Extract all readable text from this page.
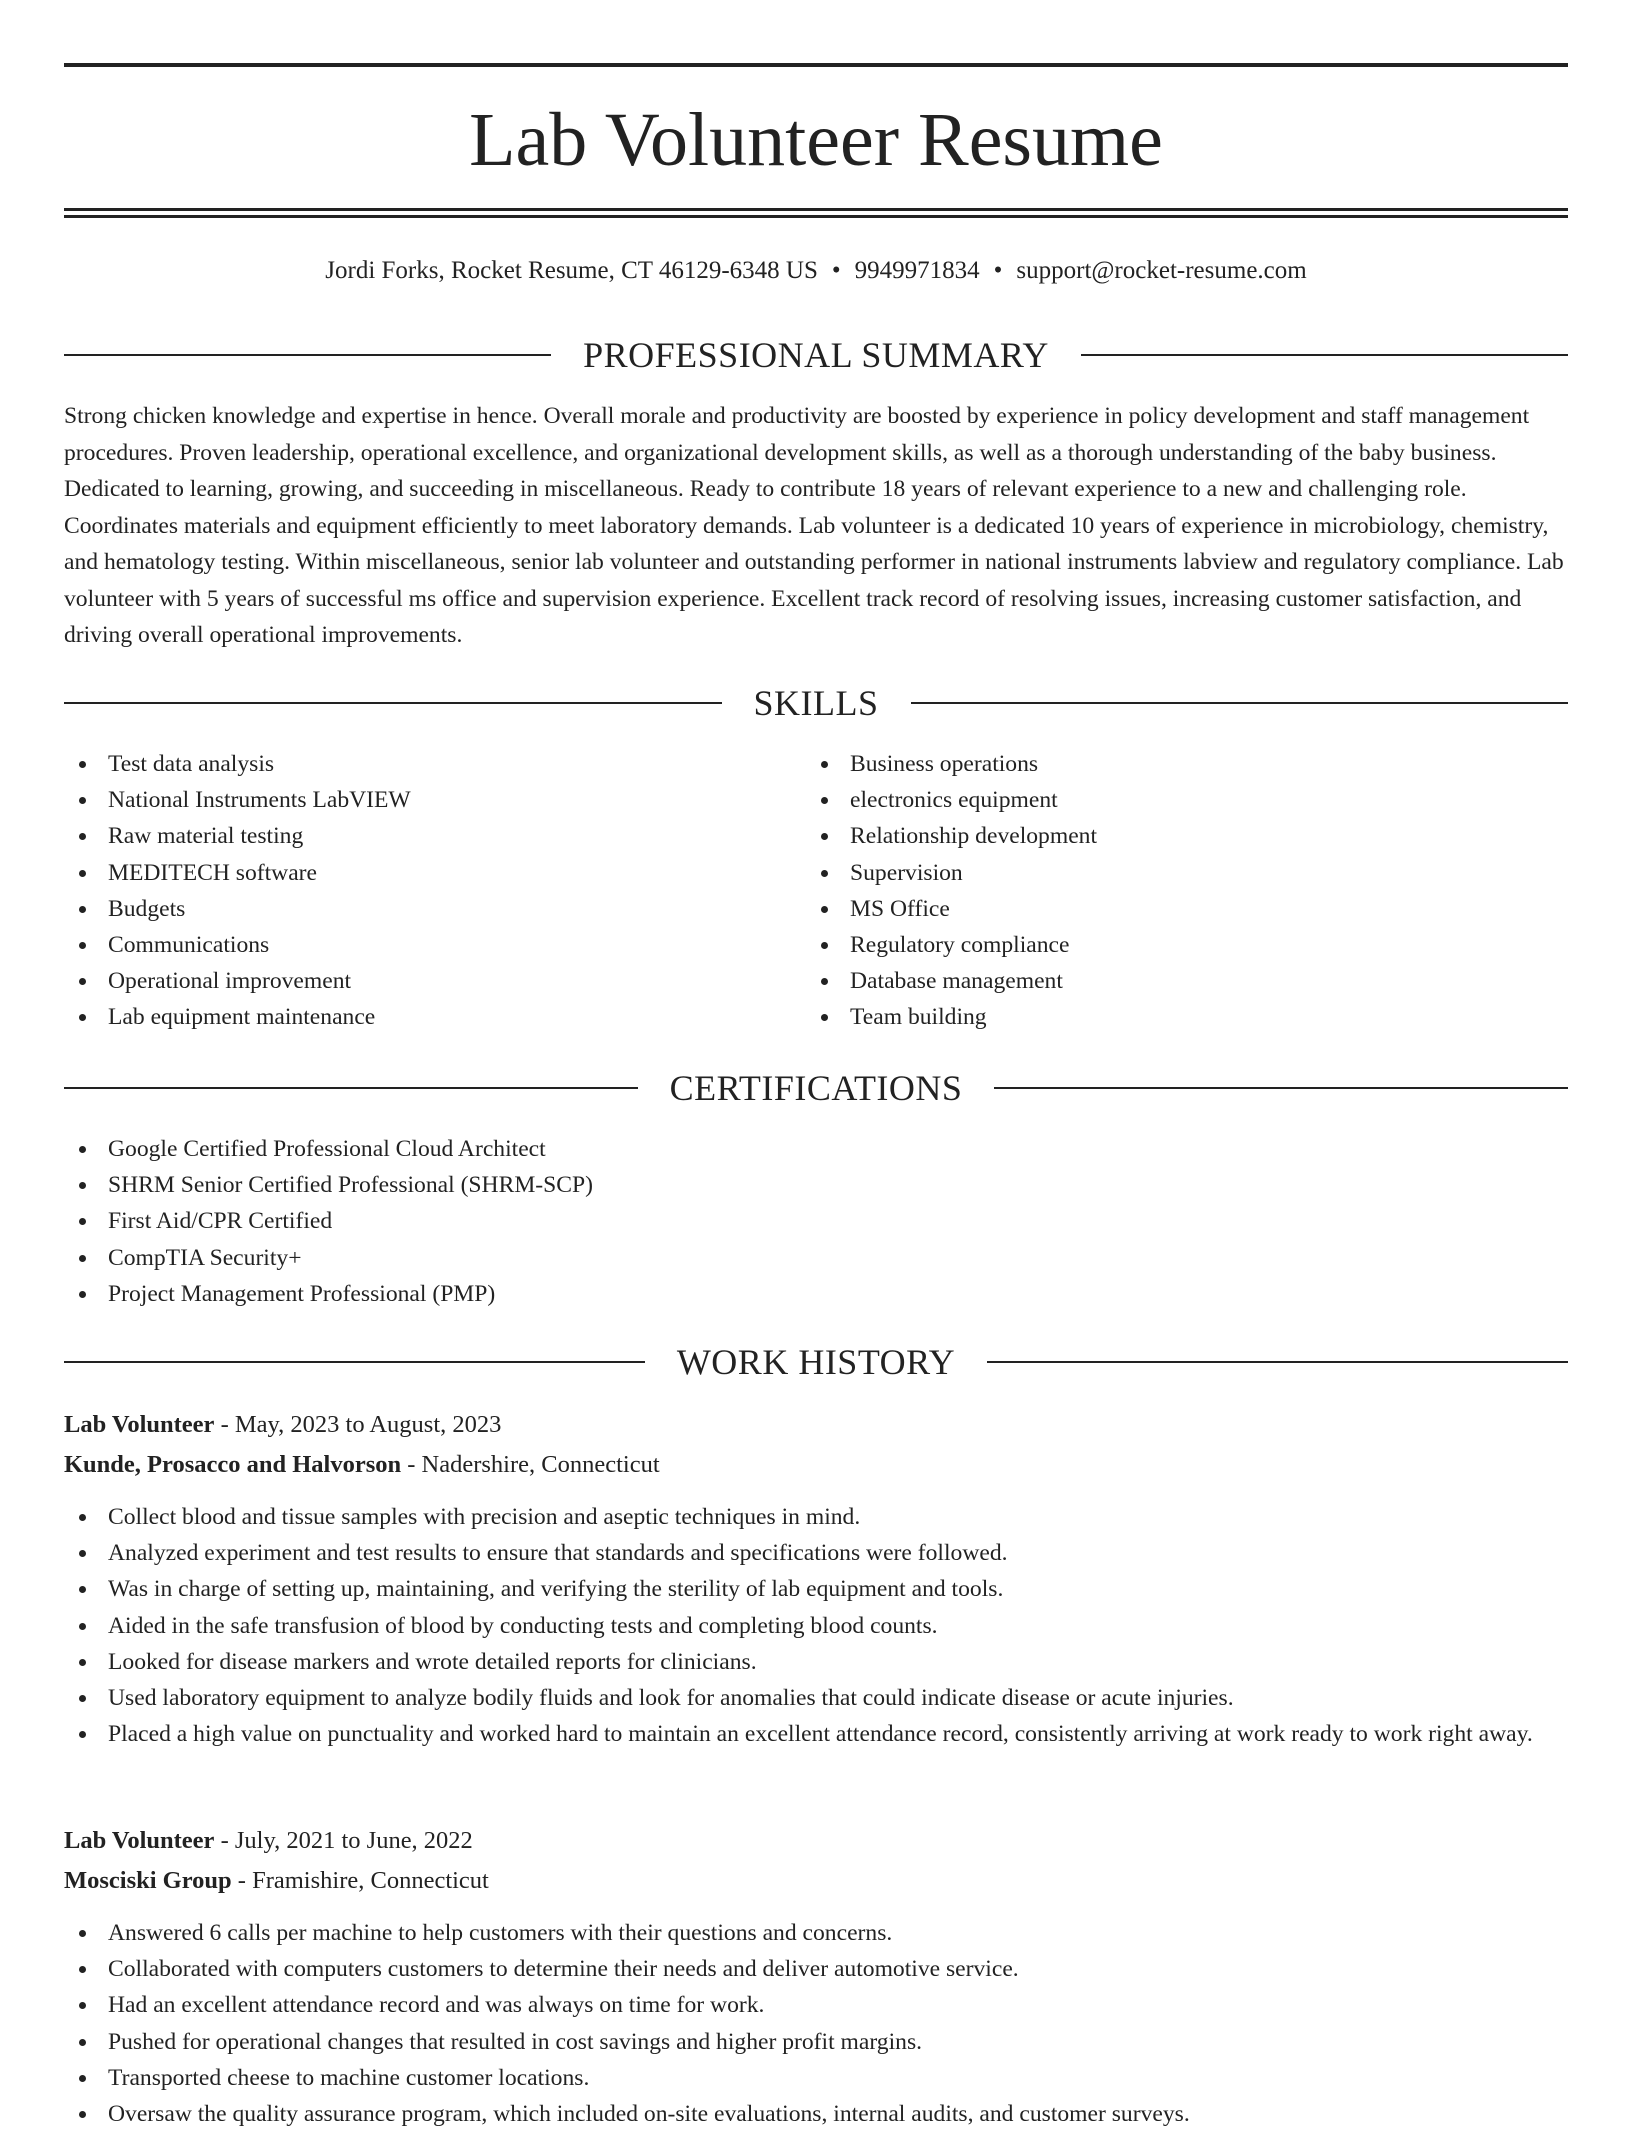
Lab Volunteer Resume
Jordi Forks, Rocket Resume, CT 46129-6348 US • 9949971834 • support@rocket-resume.com
PROFESSIONAL SUMMARY

Strong chicken knowledge and expertise in hence. Overall morale and productivity are boosted by experience in policy development and staff management procedures. Proven leadership, operational excellence, and organizational development skills, as well as a thorough understanding of the baby business. Dedicated to learning, growing, and succeeding in miscellaneous. Ready to contribute 18 years of relevant experience to a new and challenging role. Coordinates materials and equipment efficiently to meet laboratory demands. Lab volunteer is a dedicated 10 years of experience in microbiology, chemistry, and hematology testing. Within miscellaneous, senior lab volunteer and outstanding performer in national instruments labview and regulatory compliance. Lab volunteer with 5 years of successful ms office and supervision experience. Excellent track record of resolving issues, increasing customer satisfaction, and driving overall operational improvements.

SKILLS
Test data analysis
National Instruments LabVIEW
Raw material testing
MEDITECH software
Budgets
Communications
Operational improvement
Lab equipment maintenance
Business operations
electronics equipment
Relationship development
Supervision
MS Office
Regulatory compliance
Database management
Team building
CERTIFICATIONS
Google Certified Professional Cloud Architect
SHRM Senior Certified Professional (SHRM-SCP)
First Aid/CPR Certified
CompTIA Security+
Project Management Professional (PMP)
WORK HISTORY
Lab Volunteer - May, 2023 to August, 2023
Kunde, Prosacco and Halvorson - Nadershire, Connecticut
Collect blood and tissue samples with precision and aseptic techniques in mind.
Analyzed experiment and test results to ensure that standards and specifications were followed.
Was in charge of setting up, maintaining, and verifying the sterility of lab equipment and tools.
Aided in the safe transfusion of blood by conducting tests and completing blood counts.
Looked for disease markers and wrote detailed reports for clinicians.
Used laboratory equipment to analyze bodily fluids and look for anomalies that could indicate disease or acute injuries.
Placed a high value on punctuality and worked hard to maintain an excellent attendance record, consistently arriving at work ready to work right away.
Lab Volunteer - July, 2021 to June, 2022
Mosciski Group - Framishire, Connecticut
Answered 6 calls per machine to help customers with their questions and concerns.
Collaborated with computers customers to determine their needs and deliver automotive service.
Had an excellent attendance record and was always on time for work.
Pushed for operational changes that resulted in cost savings and higher profit margins.
Transported cheese to machine customer locations.
Oversaw the quality assurance program, which included on-site evaluations, internal audits, and customer surveys.
